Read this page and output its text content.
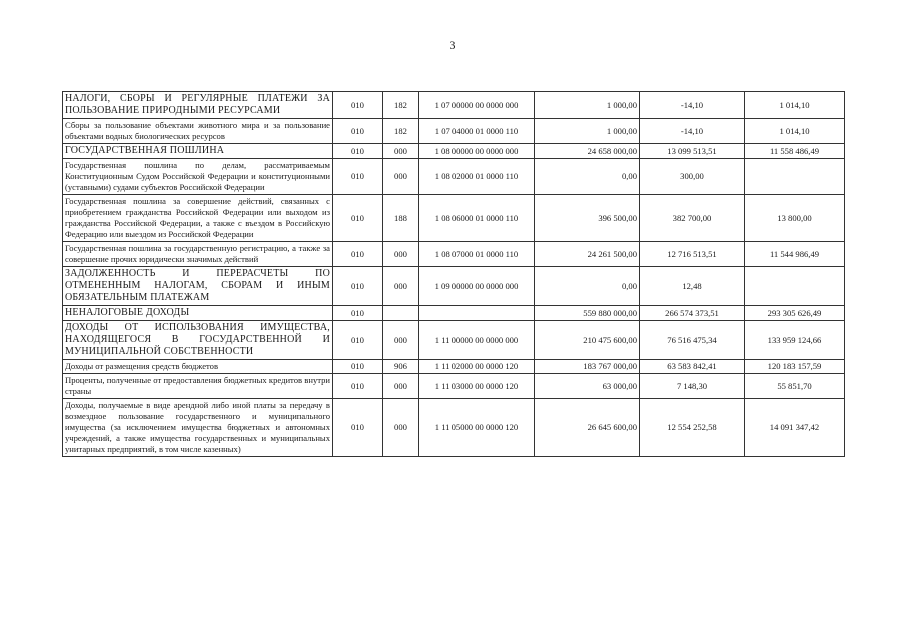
3
НАЛОГИ, СБОРЫ И РЕГУЛЯРНЫЕ ПЛАТЕЖИ ЗА ПОЛЬЗОВАНИЕ ПРИРОДНЫМИ РЕСУРСАМИ	010	182	1 07 00000 00 0000 000	1 000,00	-14,10	1 014,10
Сборы за пользование объектами животного мира и за пользование объектами водных биологических ресурсов	010	182	1 07 04000 01 0000 110	1 000,00	-14,10	1 014,10
ГОСУДАРСТВЕННАЯ ПОШЛИНА	010	000	1 08 00000 00 0000 000	24 658 000,00	13 099 513,51	11 558 486,49
Государственная пошлина по делам, рассматриваемым Конституционным Судом Российской Федерации и конституционными (уставными) судами субъектов Российской Федерации	010	000	1 08 02000 01 0000 110	0,00	300,00	
Государственная пошлина за совершение действий, связанных с приобретением гражданства Российской Федерации или выходом из гражданства Российской Федерации, а также с въездом в Российскую Федерацию или выездом из Российской Федерации	010	188	1 08 06000 01 0000 110	396 500,00	382 700,00	13 800,00
Государственная пошлина за государственную регистрацию, а также за совершение прочих юридически значимых действий	010	000	1 08 07000 01 0000 110	24 261 500,00	12 716 513,51	11 544 986,49
ЗАДОЛЖЕННОСТЬ И ПЕРЕРАСЧЕТЫ ПО ОТМЕНЕННЫМ НАЛОГАМ, СБОРАМ И ИНЫМ ОБЯЗАТЕЛЬНЫМ ПЛАТЕЖАМ	010	000	1 09 00000 00 0000 000	0,00	12,48	
НЕНАЛОГОВЫЕ ДОХОДЫ	010			559 880 000,00	266 574 373,51	293 305 626,49
ДОХОДЫ ОТ ИСПОЛЬЗОВАНИЯ ИМУЩЕСТВА, НАХОДЯЩЕГОСЯ В ГОСУДАРСТВЕННОЙ И МУНИЦИПАЛЬНОЙ СОБСТВЕННОСТИ	010	000	1 11 00000 00 0000 000	210 475 600,00	76 516 475,34	133 959 124,66
Доходы от размещения средств бюджетов	010	906	1 11 02000 00 0000 120	183 767 000,00	63 583 842,41	120 183 157,59
Проценты, полученные от предоставления бюджетных кредитов внутри страны	010	000	1 11 03000 00 0000 120	63 000,00	7 148,30	55 851,70
Доходы, получаемые в виде арендной либо иной платы за передачу в возмездное пользование государственного и муниципального имущества (за исключением имущества бюджетных и автономных учреждений, а также имущества государственных и муниципальных унитарных предприятий, в том числе казенных)	010	000	1 11 05000 00 0000 120	26 645 600,00	12 554 252,58	14 091 347,42
